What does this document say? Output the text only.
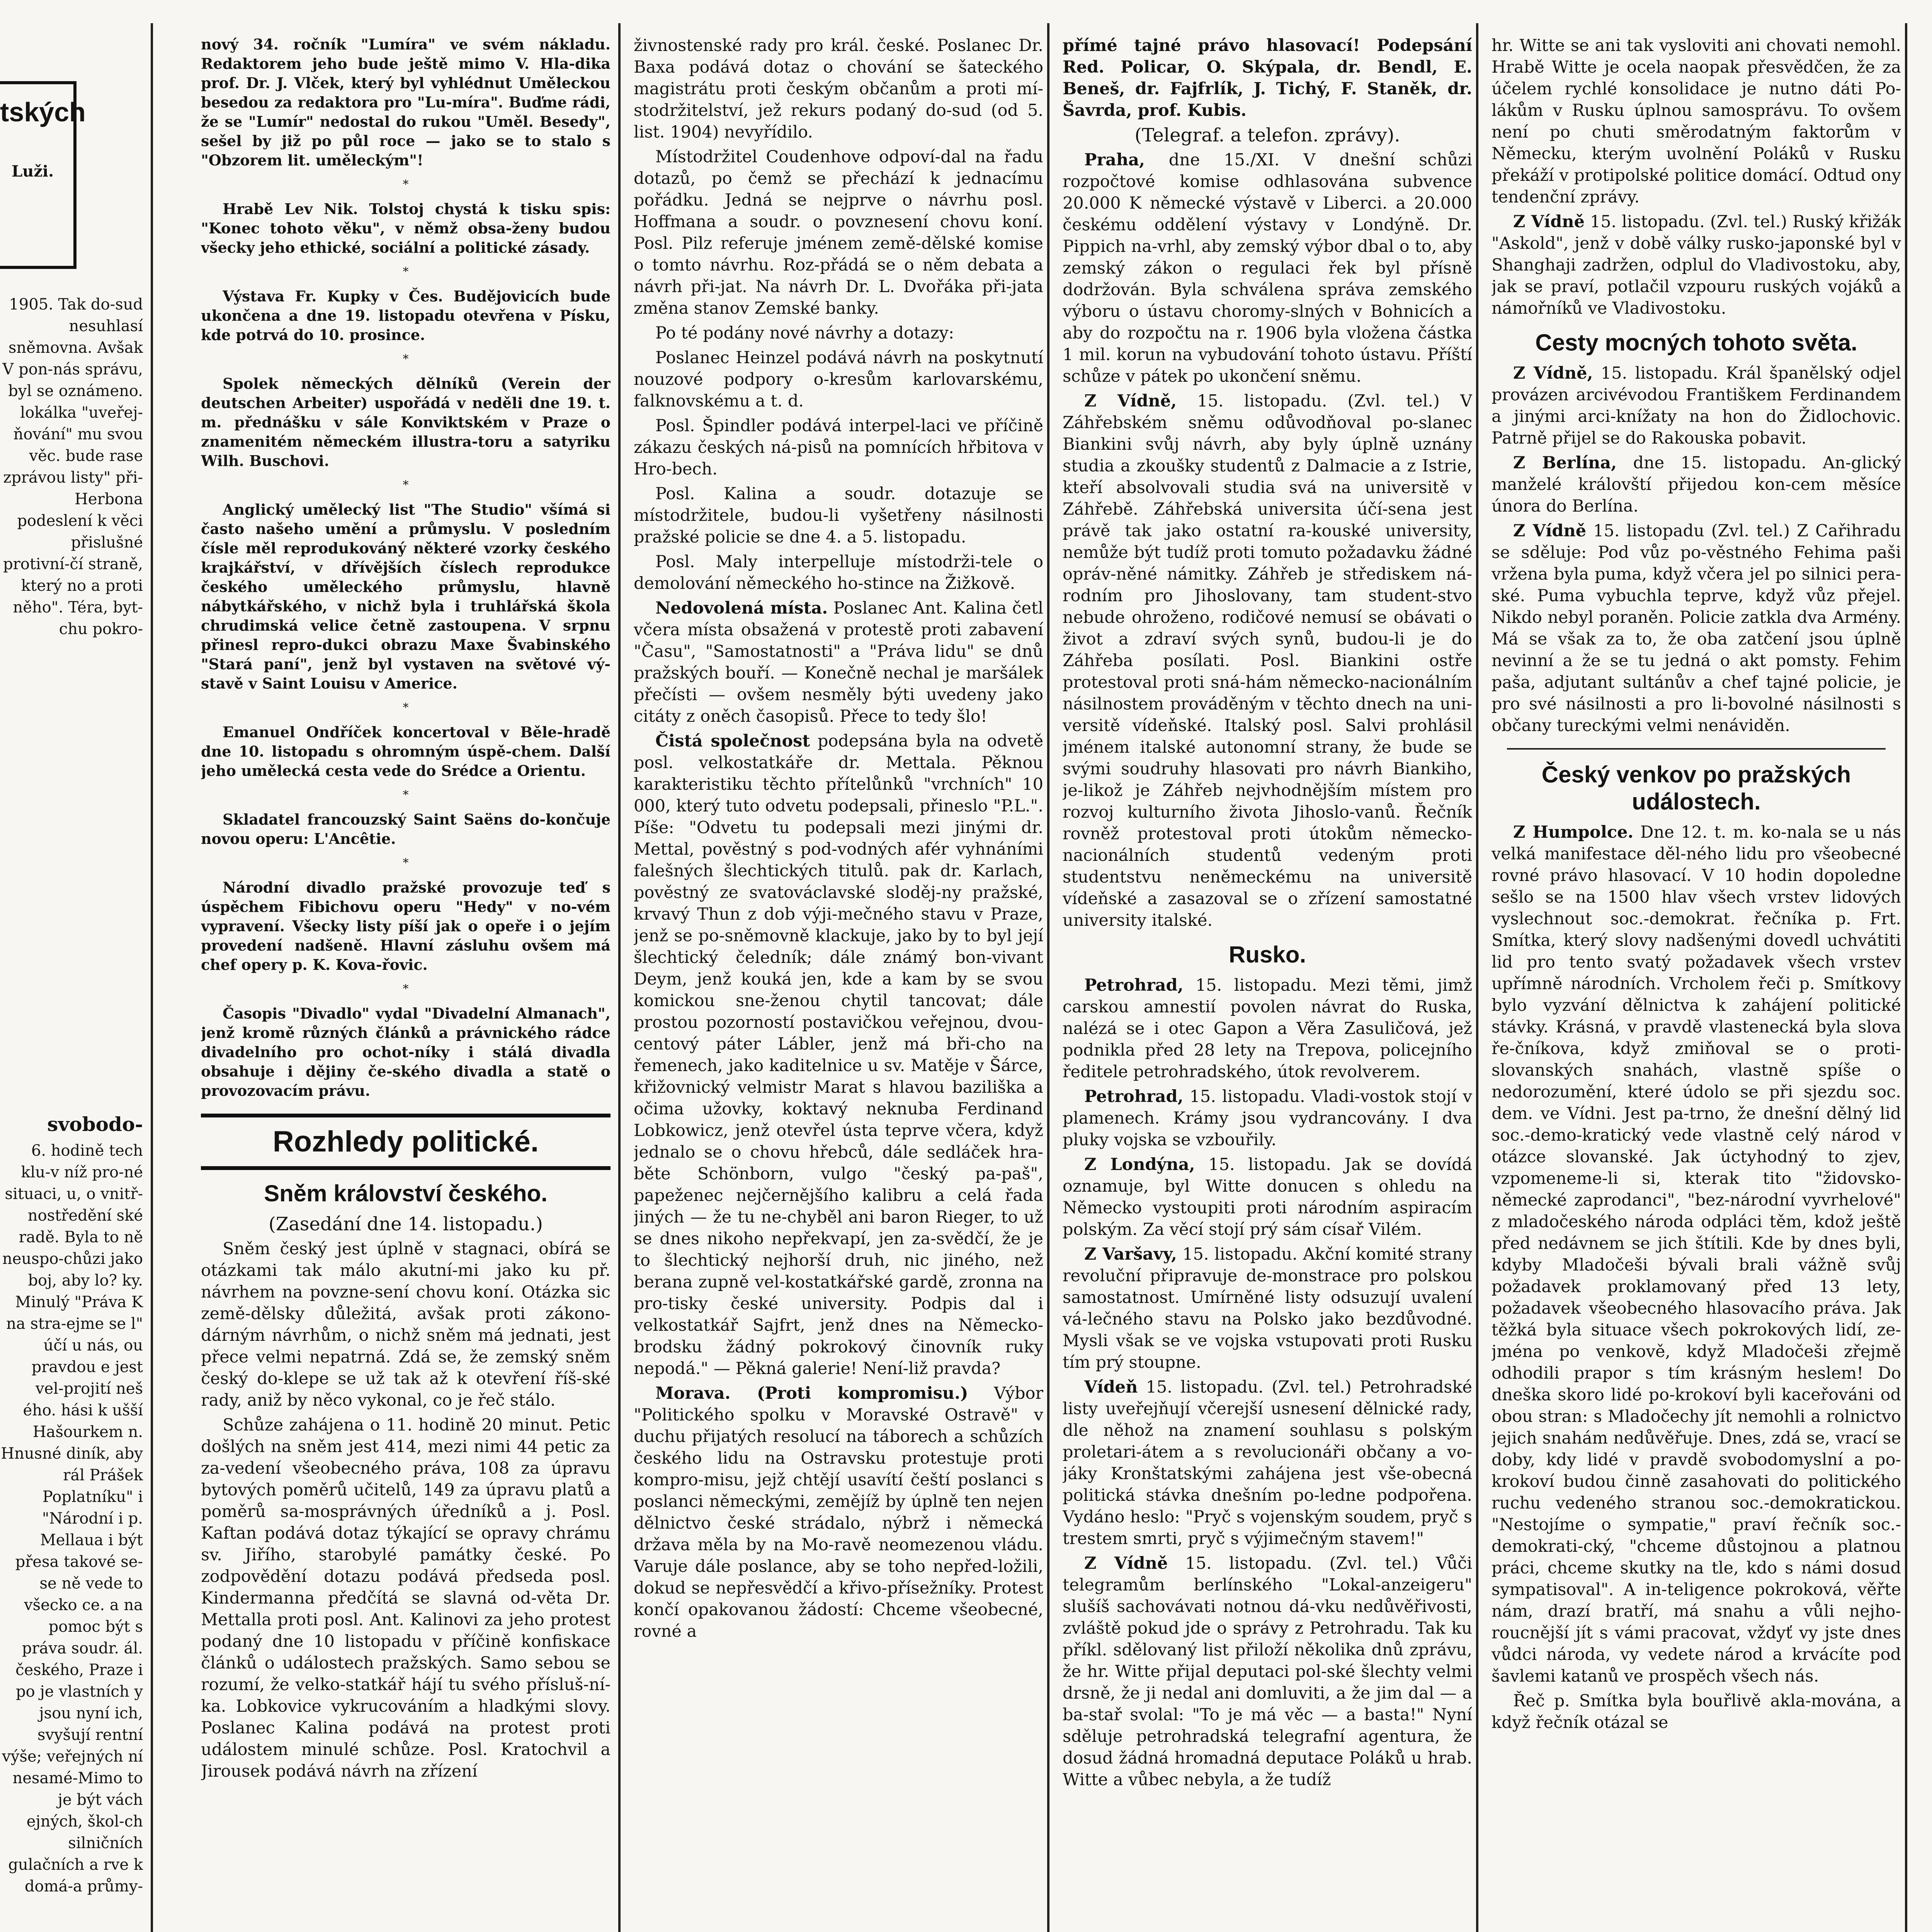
tských
Luži.
1905. Tak do-sud nesuhlasí sněmovna. Avšak V pon-nás správu, byl se oznámeno. lokálka "uveřej-ňování" mu svou věc. bude rase zprávou listy" při-Herbona podeslení k věci přislušné protivní-čí straně, který no a proti něho". Téra, byt-chu pokro-
svobodo-
6. hodině tech klu-v níž pro-né situaci, u, o vnitř-nostředění ské radě. Byla to ně neuspo-chůzi jako boj, aby lo? ky. Minulý "Práva K na stra-ejme se l" účí u nás, ou pravdou e jest vel-projití neš ého. hási k ušší Hašourkem n. Hnusné diník, aby rál Prášek Poplatníku" i "Národní i p. Mellaua i být přesa takové se-se ně vede to všecko ce. a na pomoc být s práva soudr. ál. českého, Praze i po je vlastních y jsou nyní ich, svyšují rentní výše; veřejných ní nesamé-Mimo to je být vách ejných, škol-ch silničních gulačních a rve k domá-a průmy-

nový 34. ročník "Lumíra" ve svém nákladu. Redaktorem jeho bude ještě mimo V. Hla-dika prof. Dr. J. Vlček, který byl vyhlédnut Uměleckou besedou za redaktora pro "Lu-míra". Buďme rádi, že se "Lumír" nedostal do rukou "Uměl. Besedy", sešel by již po půl roce — jako se to stalo s "Obzorem lit. uměleckým"!

*

Hrabě Lev Nik. Tolstoj chystá k tisku spis: "Konec tohoto věku", v němž obsa-ženy budou všecky jeho ethické, sociální a politické zásady.

*

Výstava Fr. Kupky v Čes. Budějovicích bude ukončena a dne 19. listopadu otevřena v Písku, kde potrvá do 10. prosince.

*

Spolek německých dělníků (Verein der deutschen Arbeiter) uspořádá v neděli dne 19. t. m. přednášku v sále Konviktském v Praze o znamenitém německém illustra-toru a satyriku Wilh. Buschovi.

*

Anglický umělecký list "The Studio" všímá si často našeho umění a průmyslu. V posledním čísle měl reprodukováný některé vzorky českého krajkářství, v dřívějších číslech reprodukce českého uměleckého průmyslu, hlavně nábytkářského, v nichž byla i truhlářská škola chrudimská velice četně zastoupena. V srpnu přinesl repro-dukci obrazu Maxe Švabinského "Stará paní", jenž byl vystaven na světové vý-stavě v Saint Louisu v Americe.

*

Emanuel Ondříček koncertoval v Běle-hradě dne 10. listopadu s ohromným úspě-chem. Další jeho umělecká cesta vede do Srédce a Orientu.

*

Skladatel francouzský Saint Saëns do-končuje novou operu: L'Ancêtie.

*

Národní divadlo pražské provozuje teď s úspěchem Fibichovu operu "Hedy" v no-vém vypravení. Všecky listy píší jak o opeře i o jejím provedení nadšeně. Hlavní zásluhu ovšem má chef opery p. K. Kova-řovic.

*

Časopis "Divadlo" vydal "Divadelní Almanach", jenž kromě různých článků a právnického rádce divadelního pro ochot-níky i stálá divadla obsahuje i dějiny če-ského divadla a statě o provozovacím právu.

Rozhledy politické.
Sněm království českého.

(Zasedání dne 14. listopadu.)

Sněm český jest úplně v stagnaci, obírá se otázkami tak málo akutní-mi jako ku př. návrhem na povzne-sení chovu koní. Otázka sic země-dělsky důležitá, avšak proti zákono-dárným návrhům, o nichž sněm má jednati, jest přece velmi nepatrná. Zdá se, že zemský sněm český do-klepe se už tak až k otevření říš-ské rady, aniž by něco vykonal, co je řeč stálo.

Schůze zahájena o 11. hodině 20 minut. Petic došlých na sněm jest 414, mezi nimi 44 petic za za-vedení všeobecného práva, 108 za úpravu bytových poměrů učitelů, 149 za úpravu platů a poměrů sa-mosprávných úředníků a j. Posl. Kaftan podává dotaz týkající se opravy chrámu sv. Jiřího, starobylé památky české. Po zodpovědění dotazu podává předseda posl. Kindermanna předčítá se slavná od-věta Dr. Mettalla proti posl. Ant. Kalinovi za jeho protest podaný dne 10 listopadu v příčině konfiskace článků o událostech pražských. Samo sebou se rozumí, že velko-statkář hájí tu svého přísluš-ní-ka. Lobkovice vykrucováním a hladkými slovy. Poslanec Kalina podává na protest proti událostem minulé schůze. Posl. Kratochvil a Jirousek podává návrh na zřízení

živnostenské rady pro král. české. Poslanec Dr. Baxa podává dotaz o chování se šateckého magistrátu proti českým občanům a proti mí-stodržitelství, jež rekurs podaný do-sud (od 5. list. 1904) nevyřídilo.

Místodržitel Coudenhove odpoví-dal na řadu dotazů, po čemž se přechází k jednacímu pořádku. Jedná se nejprve o návrhu posl. Hoffmana a soudr. o povznesení chovu koní. Posl. Pilz referuje jménem země-dělské komise o tomto návrhu. Roz-přádá se o něm debata a návrh při-jat. Na návrh Dr. L. Dvořáka při-jata změna stanov Zemské banky.

Po té podány nové návrhy a dotazy:

Poslanec Heinzel podává návrh na poskytnutí nouzové podpory o-kresům karlovarskému, falknovskému a t. d.

Posl. Špindler podává interpel-laci ve příčině zákazu českých ná-pisů na pomnících hřbitova v Hro-bech.

Posl. Kalina a soudr. dotazuje se místodržitele, budou-li vyšetřeny násilnosti pražské policie se dne 4. a 5. listopadu.

Posl. Maly interpelluje místodrži-tele o demolování německého ho-stince na Žižkově.

Nedovolená místa. Poslanec Ant. Kalina četl včera místa obsažená v protestě proti zabavení "Času", "Samostatnosti" a "Práva lidu" se dnů pražských bouří. — Konečně nechal je maršálek přečísti — ovšem nesměly býti uvedeny jako citáty z oněch časopisů. Přece to tedy šlo!

Čistá společnost podepsána byla na odvetě posl. velkostatkáře dr. Mettala. Pěknou karakteristiku těchto přítelůnků "vrchních" 10 000, který tuto odvetu podepsali, přineslo "P.L.". Píše: "Odvetu tu podepsali mezi jinými dr. Mettal, pověstný s pod-vodných afér vyhnáními falešných šlechtických titulů. pak dr. Karlach, pověstný ze svatováclavské sloděj-ny pražské, krvavý Thun z dob výji-mečného stavu v Praze, jenž se po-sněmovně klackuje, jako by to byl její šlechtický čeledník; dále známý bon-vivant Deym, jenž kouká jen, kde a kam by se svou komickou sne-ženou chytil tancovat; dále prostou pozorností postavičkou veřejnou, dvou-centový páter Lábler, jenž má bři-cho na řemenech, jako kaditelnice u sv. Matěje v Šárce, křižovnický velmistr Marat s hlavou baziliška a očima užovky, koktavý neknuba Ferdinand Lobkowicz, jenž otevřel ústa teprve včera, když jednalo se o chovu hřebců, dále sedláček hra-běte Schönborn, vulgo "český pa-paš", papeženec nejčernějšího kalibru a celá řada jiných — že tu ne-chyběl ani baron Rieger, to už se dnes nikoho nepřekvapí, jen za-svědčí, že je to šlechtický nejhorší druh, nic jiného, než berana zupně vel-kostatkářské gardě, zronna na pro-tisky české university. Podpis dal i velkostatkář Sajfrt, jenž dnes na Německo-brodsku žádný pokrokový činovník ruky nepodá." — Pěkná galerie! Není-liž pravda?

Morava. (Proti kompromisu.) Výbor "Politického spolku v Moravské Ostravě" v duchu přijatých resolucí na táborech a schůzích českého lidu na Ostravsku protestuje proti kompro-misu, jejž chtějí usavítí čeští poslanci s poslanci německými, zemějíž by úplně ten nejen dělnictvo české strádalo, nýbrž i německá država měla by na Mo-ravě neomezenou vládu. Varuje dále poslance, aby se toho nepřed-ložili, dokud se nepřesvědčí a křivo-přísežníky. Protest končí opakovanou žádostí: Chceme všeobecné, rovné a

přímé tajné právo hlasovací! Podepsání Red. Policar, O. Skýpala, dr. Bendl, E. Beneš, dr. Fajfrlík, J. Tichý, F. Staněk, dr. Šavrda, prof. Kubis.

(Telegraf. a telefon. zprávy).

Praha, dne 15./XI. V dnešní schůzi rozpočtové komise odhlasována subvence 20.000 K německé výstavě v Liberci. a 20.000 českému oddělení výstavy v Londýně. Dr. Pippich na-vrhl, aby zemský výbor dbal o to, aby zemský zákon o regulaci řek byl přísně dodržován. Byla schválena správa zemského výboru o ústavu choromy-slných v Bohnicích a aby do rozpočtu na r. 1906 byla vložena částka 1 mil. korun na vybudování tohoto ústavu. Příští schůze v pátek po ukončení sněmu.

Z Vídně, 15. listopadu. (Zvl. tel.) V Záhřebském sněmu odůvodňoval po-slanec Biankini svůj návrh, aby byly úplně uznány studia a zkoušky studentů z Dalmacie a z Istrie, kteří absolvovali studia svá na universitě v Záhřebě. Záhřebská universita účí-sena jest právě tak jako ostatní ra-kouské university, nemůže být tudíž proti tomuto požadavku žádné opráv-něné námitky. Záhřeb je střediskem ná-rodním pro Jihoslovany, tam student-stvo nebude ohroženo, rodičové nemusí se obávati o život a zdraví svých synů, budou-li je do Záhřeba posílati. Posl. Biankini ostře protestoval proti sná-hám německo-nacionálním násilnostem prováděným v těchto dnech na uni-versitě vídeňské. Italský posl. Salvi prohlásil jménem italské autonomní strany, že bude se svými soudruhy hlasovati pro návrh Biankiho, je-likož je Záhřeb nejvhodnějším místem pro rozvoj kulturního života Jihoslo-vanů. Řečník rovněž protestoval proti útokům německo-nacionálních studentů vedeným proti studentstvu neněmeckému na universitě vídeňské a zasazoval se o zřízení samostatné university italské.

Rusko.

Petrohrad, 15. listopadu. Mezi těmi, jimž carskou amnestií povolen návrat do Ruska, nalézá se i otec Gapon a Věra Zasuličová, jež podnikla před 28 lety na Trepova, policejního ředitele petrohradského, útok revolverem.

Petrohrad, 15. listopadu. Vladi-vostok stojí v plamenech. Krámy jsou vydrancovány. I dva pluky vojska se vzbouřily.

Z Londýna, 15. listopadu. Jak se dovídá oznamuje, byl Witte donucen s ohledu na Německo vystoupiti proti národním aspiracím polským. Za věcí stojí prý sám císař Vilém.

Z Varšavy, 15. listopadu. Akční komité strany revoluční připravuje de-monstrace pro polskou samostatnost. Umírněné listy odsuzují uvalení vá-lečného stavu na Polsko jako bezdůvodné. Mysli však se ve vojska vstupovati proti Rusku tím prý stoupne.

Vídeň 15. listopadu. (Zvl. tel.) Petrohradské listy uveřejňují včerejší usnesení dělnické rady, dle něhož na znamení souhlasu s polským proletari-átem a s revolucionáři občany a vo-jáky Kronštatskými zahájena jest vše-obecná politická stávka dnešním po-ledne podpořena. Vydáno heslo: "Pryč s vojenským soudem, pryč s trestem smrti, pryč s výjimečným stavem!"

Z Vídně 15. listopadu. (Zvl. tel.) Vůči telegramům berlínského "Lokal-anzeigeru" slušíš sachovávati notnou dá-vku nedůvěřivosti, zvláště pokud jde o správy z Petrohradu. Tak ku příkl. sdělovaný list přiloží několika dnů zprávu, že hr. Witte přijal deputaci pol-ské šlechty velmi drsně, že ji nedal ani domluviti, a že jim dal — a ba-stař svolal: "To je má věc — a basta!" Nyní sděluje petrohradská telegrafní agentura, že dosud žádná hromadná deputace Poláků u hrab. Witte a vůbec nebyla, a že tudíž

hr. Witte se ani tak vysloviti ani chovati nemohl. Hrabě Witte je ocela naopak přesvědčen, že za účelem rychlé konsolidace je nutno dáti Po-lákům v Rusku úplnou samosprávu. To ovšem není po chuti směrodatným faktorům v Německu, kterým uvolnění Poláků v Rusku překáží v protipolské politice domácí. Odtud ony tendenční zprávy.

Z Vídně 15. listopadu. (Zvl. tel.) Ruský křižák "Askold", jenž v době války rusko-japonské byl v Shanghaji zadržen, odplul do Vladivostoku, aby, jak se praví, potlačil vzpouru ruských vojáků a námořníků ve Vladivostoku.

Cesty mocných tohoto světa.

Z Vídně, 15. listopadu. Král španělský odjel provázen arcivévodou Františkem Ferdinandem a jinými arci-knížaty na hon do Židlochovic. Patrně přijel se do Rakouska pobavit.

Z Berlína, dne 15. listopadu. An-glický manželé královští přijedou kon-cem měsíce února do Berlína.

Z Vídně 15. listopadu (Zvl. tel.) Z Cařihradu se sděluje: Pod vůz po-věstného Fehima paši vržena byla puma, když včera jel po silnici pera-ské. Puma vybuchla teprve, když vůz přejel. Nikdo nebyl poraněn. Policie zatkla dva Armény. Má se však za to, že oba zatčení jsou úplně nevinní a že se tu jedná o akt pomsty. Fehim paša, adjutant sultánův a chef tajné policie, je pro své násilnosti a pro li-bovolné násilnosti s občany tureckými velmi nenáviděn.

Český venkov po pražských událostech.

Z Humpolce. Dne 12. t. m. ko-nala se u nás velká manifestace děl-ného lidu pro všeobecné rovné právo hlasovací. V 10 hodin dopoledne sešlo se na 1500 hlav všech vrstev lidových vyslechnout soc.-demokrat. řečníka p. Frt. Smítka, který slovy nadšenými dovedl uchvátiti lid pro tento svatý požadavek všech vrstev upřímně národních. Vrcholem řeči p. Smítkovy bylo vyzvání dělnictva k zahájení politické stávky. Krásná, v pravdě vlastenecká byla slova ře-čníkova, když zmiňoval se o proti-slovanských snahách, vlastně spíše o nedorozumění, které údolo se při sjezdu soc. dem. ve Vídni. Jest pa-trno, že dnešní dělný lid soc.-demo-kratický vede vlastně celý národ v otázce slovanské. Jak úctyhodný to zjev, vzpomeneme-li si, kterak tito "židovsko-německé zaprodanci", "bez-národní vyvrhelové" z mladočeského národa odpláci těm, kdož ještě před nedávnem se jich štítili. Kde by dnes byli, kdyby Mladočeši bývali brali vážně svůj požadavek proklamovaný před 13 lety, požadavek všeobecného hlasovacího práva. Jak těžká byla situace všech pokrokových lidí, ze-jména po venkově, když Mladočeši zřejmě odhodili prapor s tím krásným heslem! Do dneška skoro lidé po-krokoví byli kaceřováni od obou stran: s Mladočechy jít nemohli a rolnictvo jejich snahám nedůvěřuje. Dnes, zdá se, vrací se doby, kdy lidé v pravdě svobodomyslní a po-krokoví budou činně zasahovati do politického ruchu vedeného stranou soc.-demokratickou. "Nestojíme o sympatie," praví řečník soc.-demokrati-cký, "chceme důstojnou a platnou práci, chceme skutky na tle, kdo s námi dosud sympatisoval". A in-teligence pokroková, věřte nám, drazí bratří, má snahu a vůli nejho-roucnější jít s vámi pracovat, vždyť vy jste dnes vůdci národa, vy vedete národ a krvácíte pod šavlemi katanů ve prospěch všech nás.

Řeč p. Smítka byla bouřlivě akla-mována, a když řečník otázal se
